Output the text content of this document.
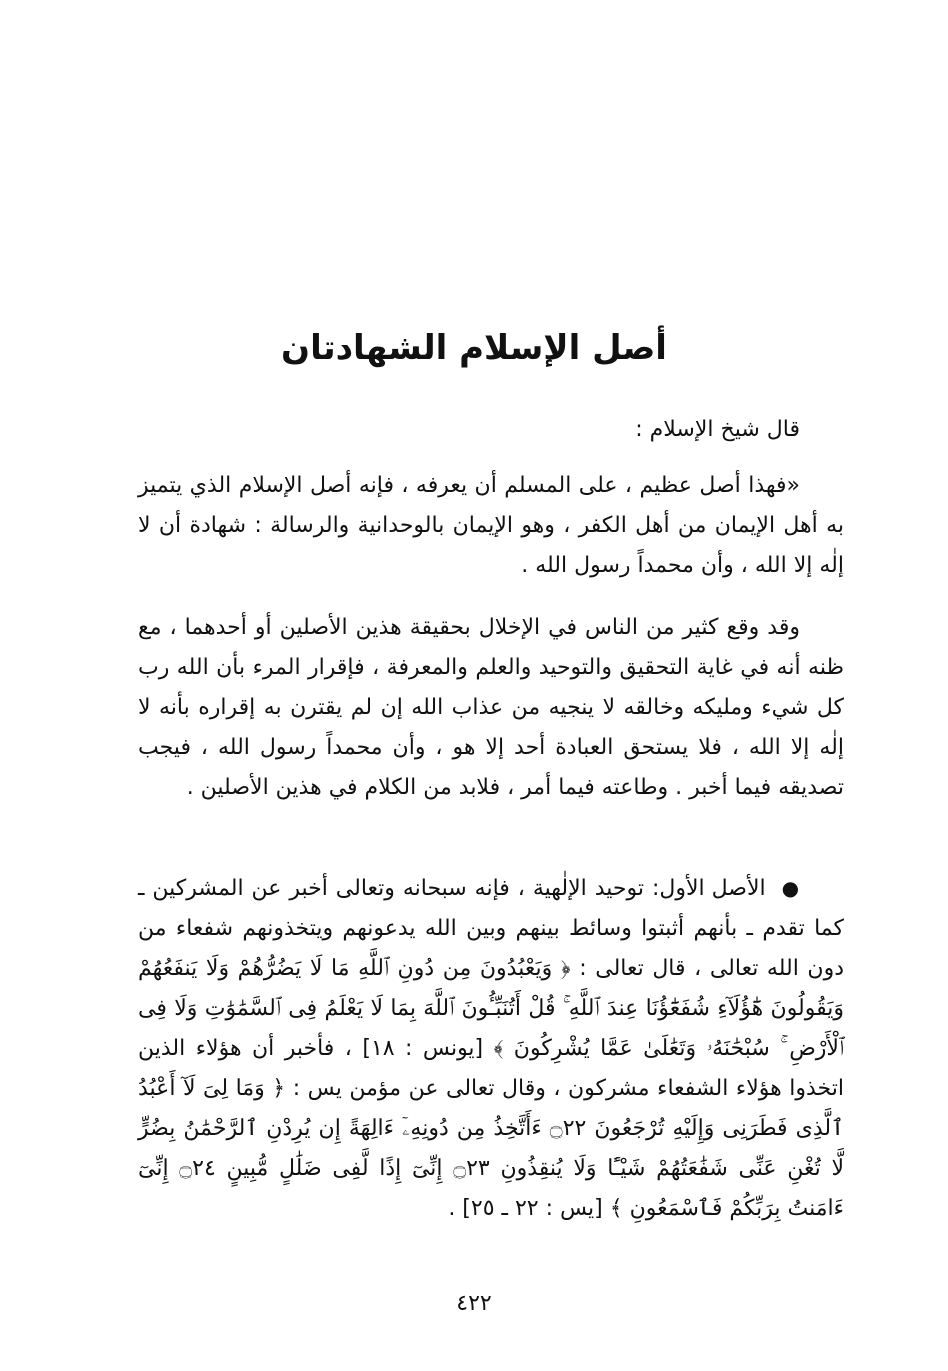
أصل الإسلام الشهادتان
قال شيخ الإسلام :
«فهذا أصل عظيم ، على المسلم أن يعرفه ، فإنه أصل الإسلام الذي يتميز به أهل الإيمان من أهل الكفر ، وهو الإيمان بالوحدانية والرسالة : شهادة أن لا إلٰه إلا الله ، وأن محمداً رسول الله .
وقد وقع كثير من الناس في الإخلال بحقيقة هذين الأصلين أو أحدهما ، مع ظنه أنه في غاية التحقيق والتوحيد والعلم والمعرفة ، فإقرار المرء بأن الله رب كل شيء ومليكه وخالقه لا ينجيه من عذاب الله إن لم يقترن به إقراره بأنه لا إلٰه إلا الله ، فلا يستحق العبادة أحد إلا هو ، وأن محمداً رسول الله ، فيجب تصديقه فيما أخبر . وطاعته فيما أمر ، فلابد من الكلام في هذين الأصلين .
● الأصل الأول: توحيد الإلٰهية ، فإنه سبحانه وتعالى أخبر عن المشركين ـ كما تقدم ـ بأنهم أثبتوا وسائط بينهم وبين الله يدعونهم ويتخذونهم شفعاء من دون الله تعالى ، قال تعالى : ﴿ وَيَعْبُدُونَ مِن دُونِ ٱللَّهِ مَا لَا يَضُرُّهُمْ وَلَا يَنفَعُهُمْ وَيَقُولُونَ هَٰٓؤُلَآءِ شُفَعَٰٓؤُنَا عِندَ ٱللَّهِ ۚ قُلْ أَتُنَبِّـُٔونَ ٱللَّهَ بِمَا لَا يَعْلَمُ فِى ٱلسَّمَٰوَٰتِ وَلَا فِى ٱلْأَرْضِ ۚ سُبْحَٰنَهُۥ وَتَعَٰلَىٰ عَمَّا يُشْرِكُونَ ﴾ [يونس : ١٨] ، فأخبر أن هؤلاء الذين اتخذوا هؤلاء الشفعاء مشركون ، وقال تعالى عن مؤمن يس : ﴿ وَمَا لِىَ لَآ أَعْبُدُ ٱلَّذِى فَطَرَنِى وَإِلَيْهِ تُرْجَعُونَ ۝٢٢ ءَأَتَّخِذُ مِن دُونِهِۦٓ ءَالِهَةً إِن يُرِدْنِ ٱلرَّحْمَٰنُ بِضُرٍّ لَّا تُغْنِ عَنِّى شَفَٰعَتُهُمْ شَيْـًٔا وَلَا يُنقِذُونِ ۝٢٣ إِنِّىٓ إِذًا لَّفِى ضَلَٰلٍ مُّبِينٍ ۝٢٤ إِنِّىٓ ءَامَنتُ بِرَبِّكُمْ فَٱسْمَعُونِ ﴾ [يس : ٢٢ ـ ٢٥] .
٤٢٢
